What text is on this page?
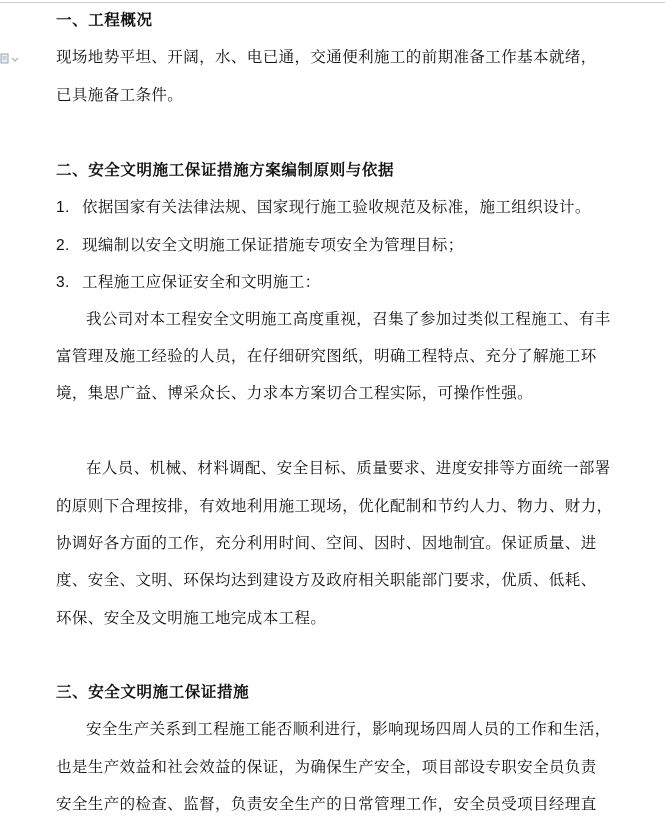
一、工程概况
现场地势平坦、开阔，水、电已通，交通便利施工的前期准备工作基本就绪，
已具施备工条件。
二、安全文明施工保证措施方案编制原则与依据
1. 依据国家有关法律法规、国家现行施工验收规范及标准，施工组织设计。
2. 现编制以安全文明施工保证措施专项安全为管理目标；
3. 工程施工应保证安全和文明施工：
我公司对本工程安全文明施工高度重视，召集了参加过类似工程施工、有丰
富管理及施工经验的人员，在仔细研究图纸，明确工程特点、充分了解施工环
境，集思广益、博采众长、力求本方案切合工程实际，可操作性强。
在人员、机械、材料调配、安全目标、质量要求、进度安排等方面统一部署
的原则下合理按排，有效地利用施工现场，优化配制和节约人力、物力、财力，
协调好各方面的工作，充分利用时间、空间、因时、因地制宜。保证质量、进
度、安全、文明、环保均达到建设方及政府相关职能部门要求，优质、低耗、
环保、安全及文明施工地完成本工程。
三、安全文明施工保证措施
安全生产关系到工程施工能否顺利进行，影响现场四周人员的工作和生活，
也是生产效益和社会效益的保证，为确保生产安全，项目部设专职安全员负责
安全生产的检查、监督，负责安全生产的日常管理工作，安全员受项目经理直
